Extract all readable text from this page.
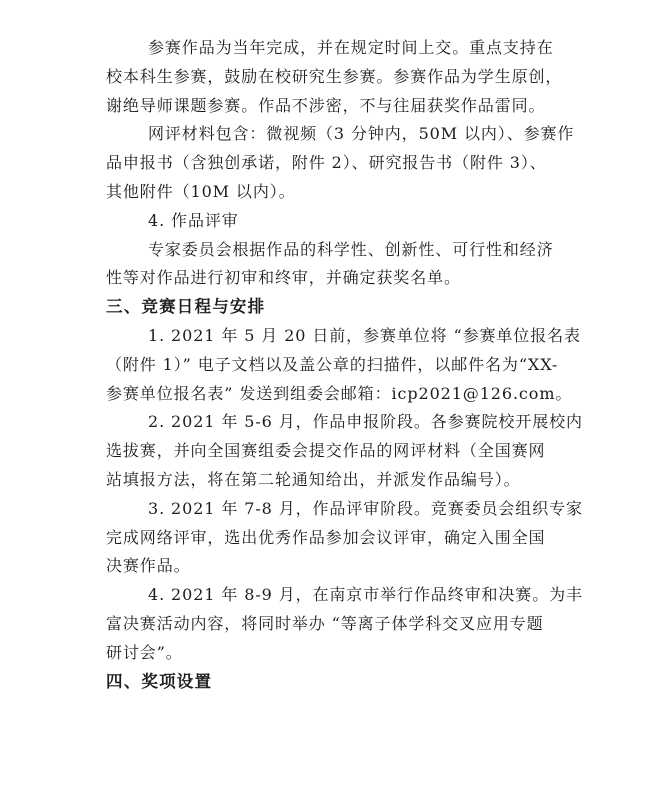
参赛作品为当年完成，并在规定时间上交。重点支持在
校本科生参赛，鼓励在校研究生参赛。参赛作品为学生原创，
谢绝导师课题参赛。作品不涉密，不与往届获奖作品雷同。
网评材料包含：微视频（3 分钟内，50M 以内）、参赛作
品申报书（含独创承诺，附件 2）、研究报告书（附件 3）、
其他附件（10M 以内）。
4. 作品评审
专家委员会根据作品的科学性、创新性、可行性和经济
性等对作品进行初审和终审，并确定获奖名单。
三、竞赛日程与安排
1. 2021 年 5 月 20 日前，参赛单位将 “参赛单位报名表
（附件 1）” 电子文档以及盖公章的扫描件，以邮件名为“XX-
参赛单位报名表” 发送到组委会邮箱：icp2021@126.com。
2. 2021 年 5-6 月，作品申报阶段。各参赛院校开展校内
选拔赛，并向全国赛组委会提交作品的网评材料（全国赛网
站填报方法，将在第二轮通知给出，并派发作品编号）。
3. 2021 年 7-8 月，作品评审阶段。竞赛委员会组织专家
完成网络评审，选出优秀作品参加会议评审，确定入围全国
决赛作品。
4. 2021 年 8-9 月，在南京市举行作品终审和决赛。为丰
富决赛活动内容，将同时举办 “等离子体学科交叉应用专题
研讨会”。
四、奖项设置
